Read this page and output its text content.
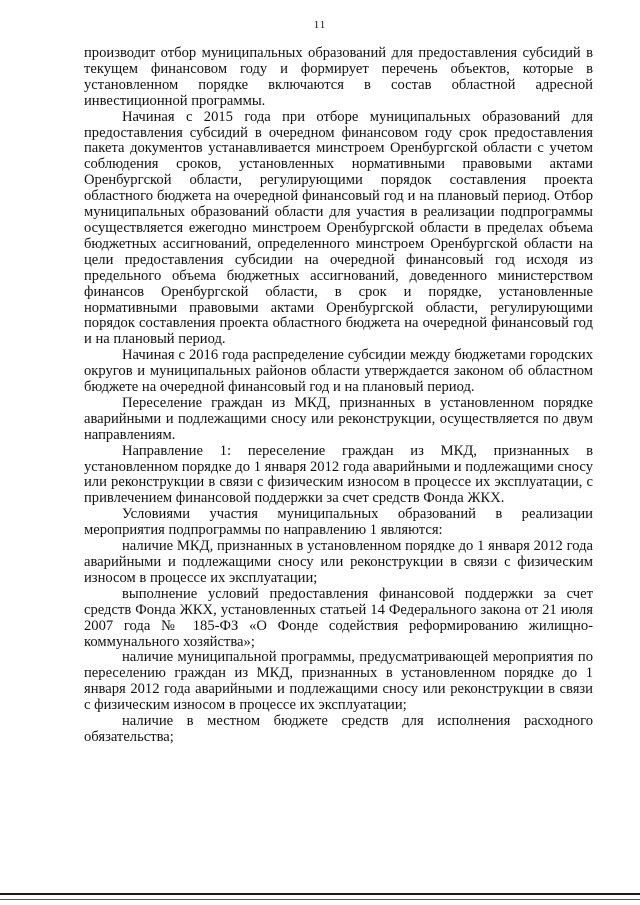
11

производит отбор муниципальных образований для предоставления субсидий в текущем финансовом году и формирует перечень объектов, которые в установленном порядке включаются в состав областной адресной инвестиционной программы.

Начиная с 2015 года при отборе муниципальных образований для предоставления субсидий в очередном финансовом году срок предоставления пакета документов устанавливается минстроем Оренбургской области с учетом соблюдения сроков, установленных нормативными правовыми актами Оренбургской области, регулирующими порядок составления проекта областного бюджета на очередной финансовый год и на плановый период. Отбор муниципальных образований области для участия в реализации подпрограммы осуществляется ежегодно минстроем Оренбургской области в пределах объема бюджетных ассигнований, определенного минстроем Оренбургской области на цели предоставления субсидии на очередной финансовый год исходя из предельного объема бюджетных ассигнований, доведенного министерством финансов Оренбургской области, в срок и порядке, установленные нормативными правовыми актами Оренбургской области, регулирующими порядок составления проекта областного бюджета на очередной финансовый год и на плановый период.

Начиная с 2016 года распределение субсидии между бюджетами городских округов и муниципальных районов области утверждается законом об областном бюджете на очередной финансовый год и на плановый период.

Переселение граждан из МКД, признанных в установленном порядке аварийными и подлежащими сносу или реконструкции, осуществляется по двум направлениям.

Направление 1: переселение граждан из МКД, признанных в установленном порядке до 1 января 2012 года аварийными и подлежащими сносу или реконструкции в связи с физическим износом в процессе их эксплуатации, с привлечением финансовой поддержки за счет средств Фонда ЖКХ.

Условиями участия муниципальных образований в реализации мероприятия подпрограммы по направлению 1 являются:

наличие МКД, признанных в установленном порядке до 1 января 2012 года аварийными и подлежащими сносу или реконструкции в связи с физическим износом в процессе их эксплуатации;

выполнение условий предоставления финансовой поддержки за счет средств Фонда ЖКХ, установленных статьей 14 Федерального закона от 21 июля 2007 года № 185-ФЗ «О Фонде содействия реформированию жилищно-коммунального хозяйства»;

наличие муниципальной программы, предусматривающей мероприятия по переселению граждан из МКД, признанных в установленном порядке до 1 января 2012 года аварийными и подлежащими сносу или реконструкции в связи с физическим износом в процессе их эксплуатации;

наличие в местном бюджете средств для исполнения расходного обязательства;
